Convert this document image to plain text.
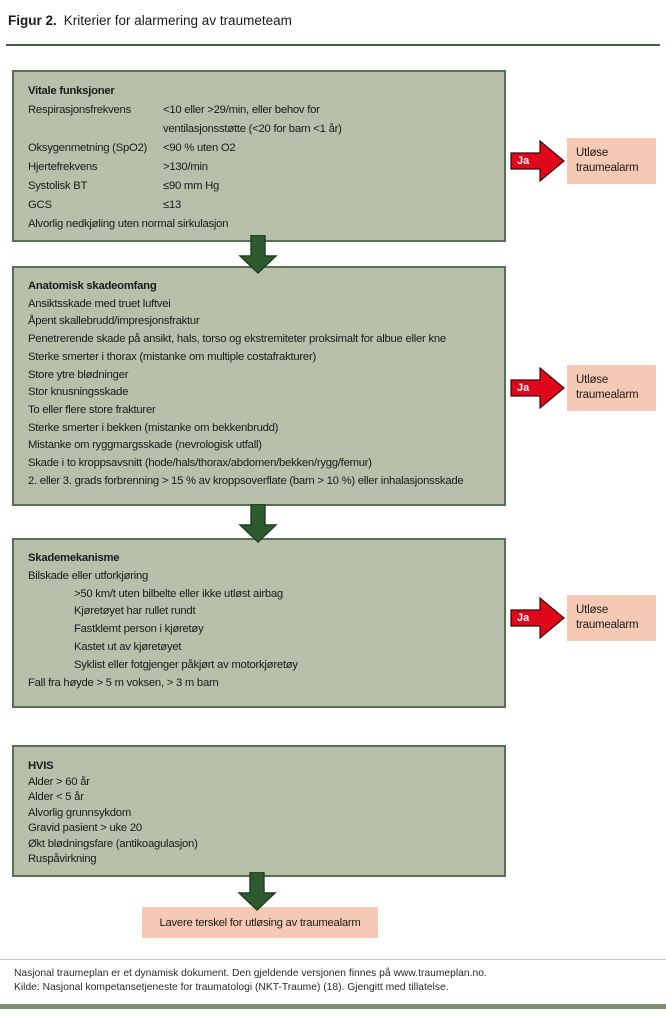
Figur 2. Kriterier for alarmering av traumeteam
Vitale funksjoner
Respirasjonsfrekvens	<10 eller >29/min, eller behov for
ventilasjonsstøtte (<20 for barn <1 år)
Oksygenmetning (SpO2)	<90 % uten O2
Hjertefrekvens	>130/min
Systolisk BT	≤90 mm Hg
GCS	≤13
Alvorlig nedkjøling uten normal sirkulasjon
Anatomisk skadeomfang
Ansiktsskade med truet luftvei
Åpent skallebrudd/impresjonsfraktur
Penetrerende skade på ansikt, hals, torso og ekstremiteter proksimalt for albue eller kne
Sterke smerter i thorax (mistanke om multiple costafrakturer)
Store ytre blødninger
Stor knusningsskade
To eller flere store frakturer
Sterke smerter i bekken (mistanke om bekkenbrudd)
Mistanke om ryggmargsskade (nevrologisk utfall)
Skade i to kroppsavsnitt (hode/hals/thorax/abdomen/bekken/rygg/femur)
2. eller 3. grads forbrenning > 15 % av kroppsoverflate (barn > 10 %) eller inhalasjonsskade
Skademekanisme
Bilskade eller utforkjøring
>50 km/t uten bilbelte eller ikke utløst airbag
Kjøretøyet har rullet rundt
Fastklemt person i kjøretøy
Kastet ut av kjøretøyet
Syklist eller fotgjenger påkjørt av motorkjøretøy
Fall fra høyde > 5 m voksen, > 3 m barn
HVIS
Alder > 60 år
Alder < 5 år
Alvorlig grunnsykdom
Gravid pasient > uke 20
Økt blødningsfare (antikoagulasjon)
Ruspåvirkning
Ja
Utløse traumealarm
Ja
Utløse traumealarm
Ja
Utløse traumealarm
Lavere terskel for utløsing av traumealarm
Nasjonal traumeplan er et dynamisk dokument. Den gjeldende versjonen finnes på www.traumeplan.no.
Kilde: Nasjonal kompetansetjeneste for traumatologi (NKT-Traume) (18). Gjengitt med tillatelse.
